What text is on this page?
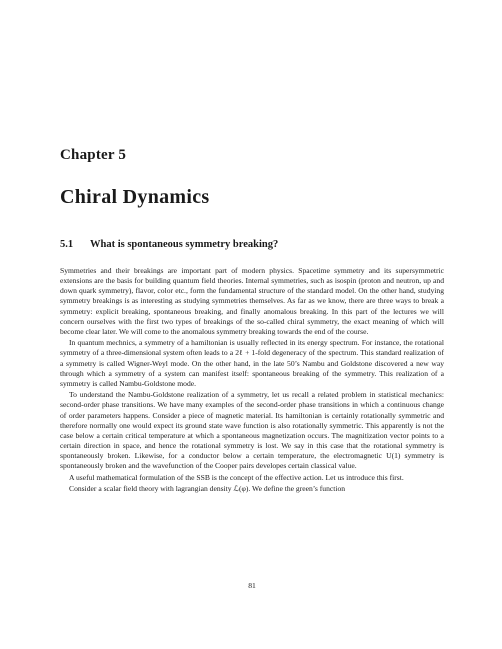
Chapter 5
Chiral Dynamics
5.1 What is spontaneous symmetry breaking?

Symmetries and their breakings are important part of modern physics. Spacetime symmetry and its supersymmetric extensions are the basis for building quantum field theories. Internal symmetries, such as isospin (proton and neutron, up and down quark symmetry), flavor, color etc., form the fundamental structure of the standard model. On the other hand, studying symmetry breakings is as interesting as studying symmetries themselves. As far as we know, there are three ways to break a symmetry: explicit breaking, spontaneous breaking, and finally anomalous breaking. In this part of the lectures we will concern ourselves with the first two types of breakings of the so-called chiral symmetry, the exact meaning of which will become clear later. We will come to the anomalous symmetry breaking towards the end of the course.

In quantum mechnics, a symmetry of a hamiltonian is usually reflected in its energy spectrum. For instance, the rotational symmetry of a three-dimensional system often leads to a 2ℓ + 1-fold degeneracy of the spectrum. This standard realization of a symmetry is called Wigner-Weyl mode. On the other hand, in the late 50’s Nambu and Goldstone discovered a new way through which a symmetry of a system can manifest itself: spontaneous breaking of the symmetry. This realization of a symmetry is called Nambu-Goldstone mode.

To understand the Nambu-Goldstone realization of a symmetry, let us recall a related problem in statistical mechanics: second-order phase transitions. We have many examples of the second-order phase transitions in which a continuous change of order parameters happens. Consider a piece of magnetic material. Its hamiltonian is certainly rotationally symmetric and therefore normally one would expect its ground state wave function is also rotationally symmetric. This apparently is not the case below a certain critical temperature at which a spontaneous magnetization occurs. The magnitization vector points to a certain direction in space, and hence the rotational symmetry is lost. We say in this case that the rotational symmetry is spontaneously broken. Likewise, for a conductor below a certain temperature, the electromagnetic U(1) symmetry is spontaneously broken and the wavefunction of the Cooper pairs developes certain classical value.

A useful mathematical formulation of the SSB is the concept of the effective action. Let us introduce this first.

Consider a scalar field theory with lagrangian density ℒ(φ). We define the green’s function

81
